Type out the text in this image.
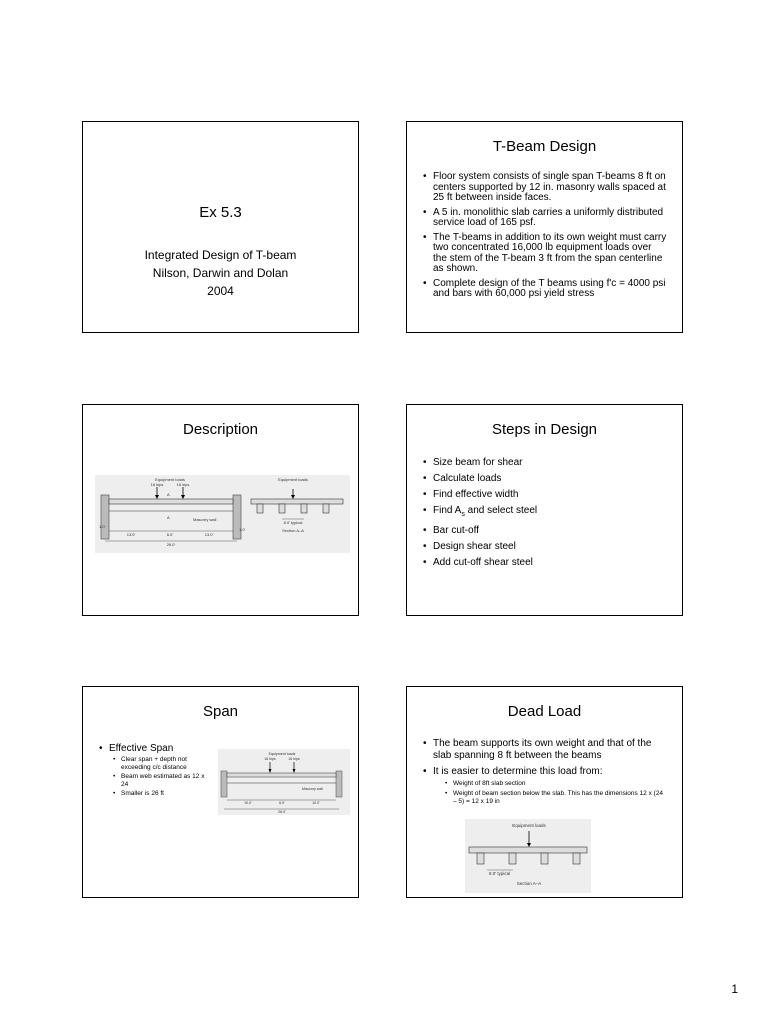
Ex 5.3
Integrated Design of T-beam
Nilson, Darwin and Dolan
2004
T-Beam Design
• Floor system consists of single span T-beams 8 ft on centers supported by 12 in. masonry walls spaced at 25 ft between inside faces.
• A 5 in. monolithic slab carries a uniformly distributed service load of 165 psf.
• The T-beams in addition to its own weight must carry two concentrated 16,000 lb equipment loads over the stem of the T-beam 3 ft from the span centerline as shown.
• Complete design of the T beams using f'c = 4000 psi and bars with 60,000 psi yield stress
Description
Equipment loads
16 kips	16 kips
A
A	Masonry wall
13.0'	6.0'	13.0'
26.0'
1.0'
1.0'
Equipment loads
8.0' typical
Section A–A
Steps in Design
• Size beam for shear
• Calculate loads
• Find effective width
• Find $A_s$ and select steel
• Bar cut-off
• Design shear steel
• Add cut-off shear steel
Span
• Effective Span
• Clear span + depth not exceeding c/c distance
• Beam web estimated as 12 x 24
• Smaller is 26 ft
Equipment loads
16 kips	16 kips
Masonry wall
10.0'	6.0'	10.0'
26.0'
Dead Load
• The beam supports its own weight and that of the slab spanning 8 ft between the beams
• It is easier to determine this load from:
• Weight of 8ft slab section
• Weight of beam section below the slab. This has the dimensions 12 x (24 – 5) = 12 x 19 in
Equipment loads
8.0' typical
Section A–A
1
